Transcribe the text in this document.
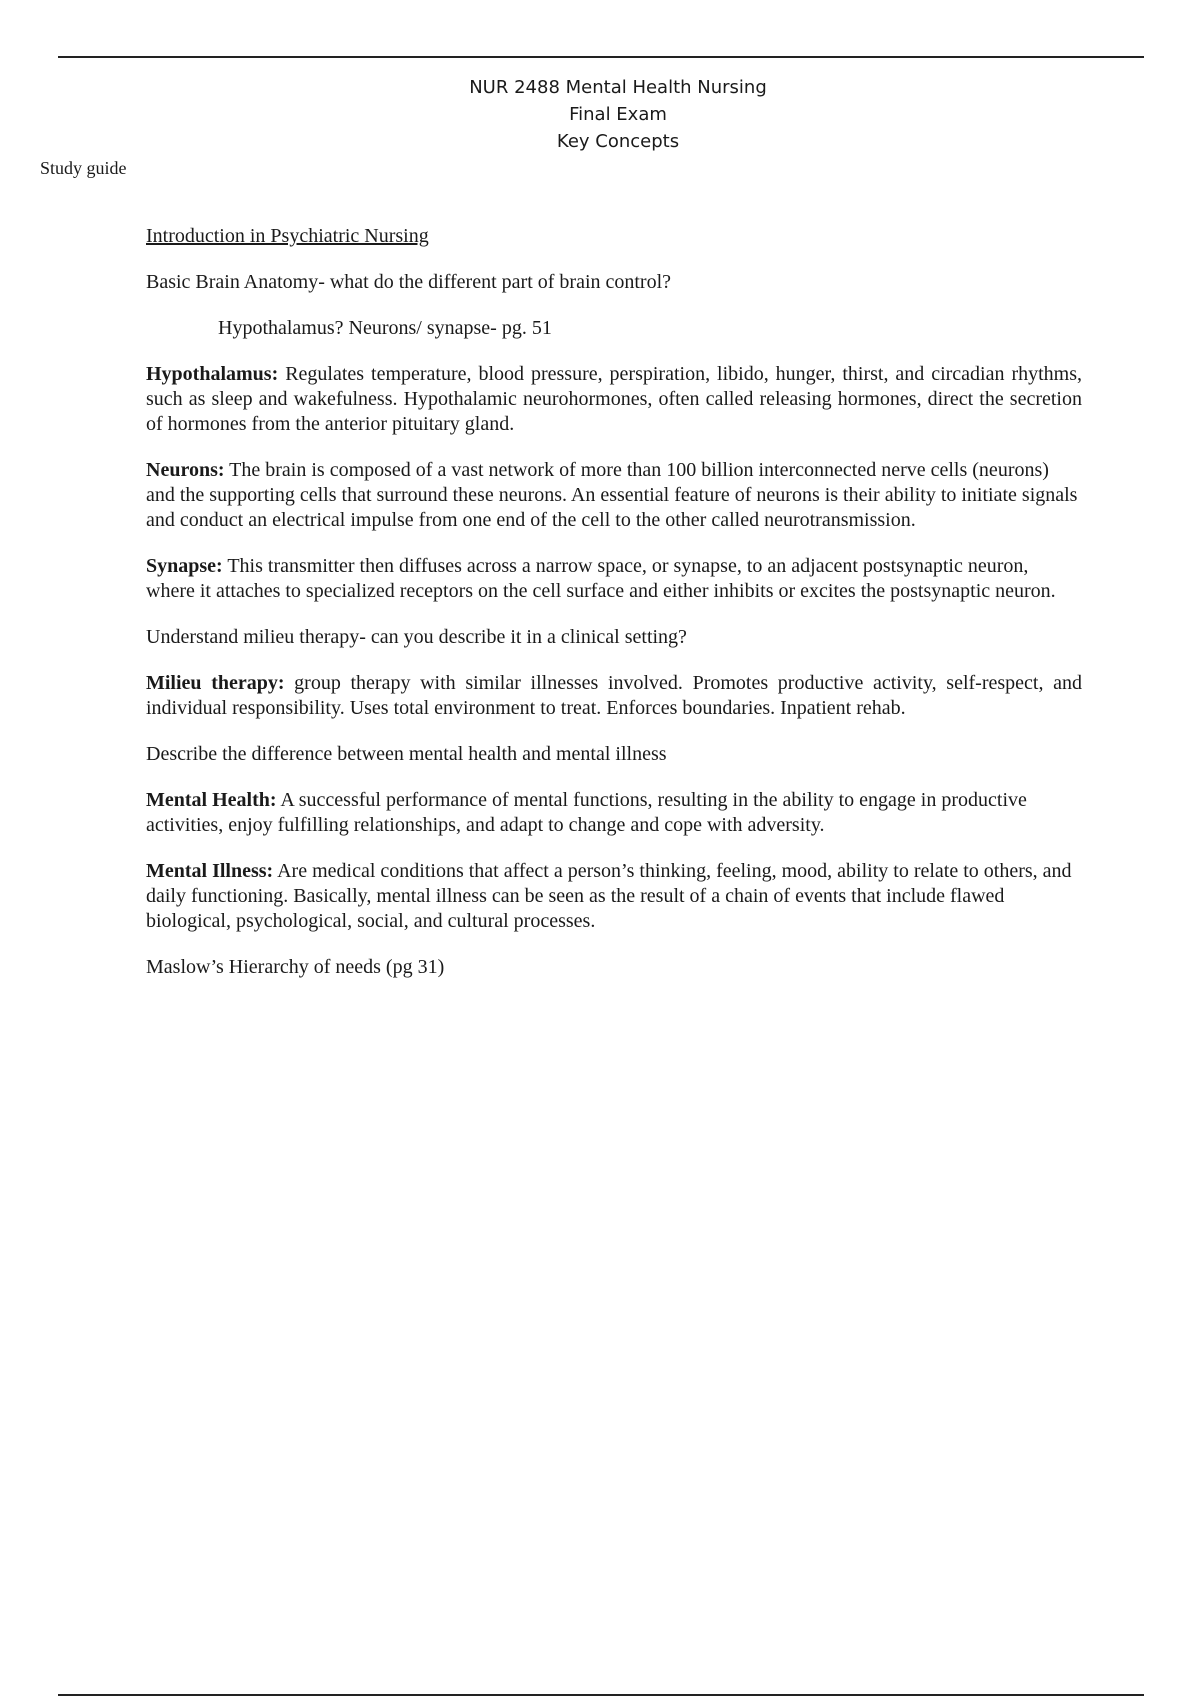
NUR 2488 Mental Health Nursing
Final Exam
Key Concepts
Study guide

Introduction in Psychiatric Nursing

Basic Brain Anatomy- what do the different part of brain control?

Hypothalamus? Neurons/ synapse- pg. 51

Hypothalamus: Regulates temperature, blood pressure, perspiration, libido, hunger, thirst, and circadian rhythms, such as sleep and wakefulness. Hypothalamic neurohormones, often called releasing hormones, direct the secretion of hormones from the anterior pituitary gland.

Neurons: The brain is composed of a vast network of more than 100 billion interconnected nerve cells (neurons) and the supporting cells that surround these neurons. An essential feature of neurons is their ability to initiate signals and conduct an electrical impulse from one end of the cell to the other called neurotransmission.

Synapse: This transmitter then diffuses across a narrow space, or synapse, to an adjacent postsynaptic neuron, where it attaches to specialized receptors on the cell surface and either inhibits or excites the postsynaptic neuron.

Understand milieu therapy- can you describe it in a clinical setting?

Milieu therapy: group therapy with similar illnesses involved. Promotes productive activity, self-respect, and individual responsibility. Uses total environment to treat. Enforces boundaries. Inpatient rehab.

Describe the difference between mental health and mental illness

Mental Health: A successful performance of mental functions, resulting in the ability to engage in productive activities, enjoy fulfilling relationships, and adapt to change and cope with adversity.

Mental Illness: Are medical conditions that affect a person’s thinking, feeling, mood, ability to relate to others, and daily functioning. Basically, mental illness can be seen as the result of a chain of events that include flawed biological, psychological, social, and cultural processes.

Maslow’s Hierarchy of needs (pg 31)
